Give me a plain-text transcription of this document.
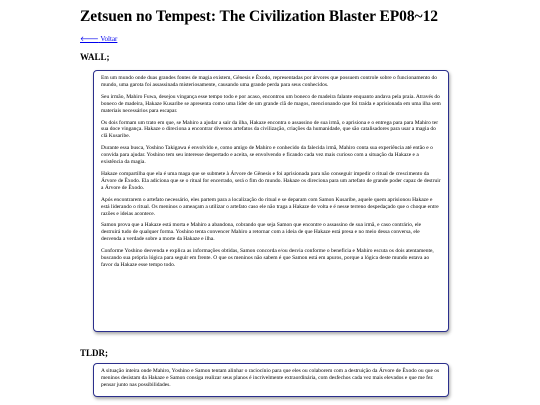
Zetsuen no Tempest: The Civilization Blaster EP08~12
🡐 Voltar
WALL;

Em um mundo onde duas grandes fontes de magia existem, Gênesis e Êxodo, representadas por árvores que possuem controle sobre o funcionamento do mundo, uma garota foi assassinada misteriosamente, causando uma grande perda para seus conhecidos.

Seu irmão, Mahiro Fuwa, desejou vingança esse tempo todo e por acaso, encontrou um boneco de madeira falante enquanto andava pela praia. Através do boneco de madeira, Hakaze Kusaribe se apresenta como uma líder de um grande clã de magos, mencionando que foi traída e aprisionada em uma ilha sem materiais necessários para escapar.

Os dois formam um trato em que, se Mahiro a ajudar a sair da ilha, Hakaze encontra o assassino de sua irmã, o aprisiona e o entrega para para Mahiro ter sua doce vingança. Hakaze o direciona a encontrar diversos artefatos da civilização, criações da humanidade, que são catalisadores para usar a magia do clã Kusaribe.

Durante essa busca, Yoshino Takigawa é envolvido e, como amigo de Mahiro e conhecido da falecida irmã, Mahiro conta sua experiência até então e o convida para ajudar. Yoshino tem seu interesse despertado e aceita, se envolvendo e ficando cada vez mais curioso com a situação da Hakaze e a existência da magia.

Hakaze compartilha que ela é uma maga que se submete à Árvore de Gênesis e foi aprisionada para não conseguir impedir o ritual de crescimento da Árvore de Êxodo. Ela adiciona que se o ritual for encerrado, será o fim do mundo. Hakaze os direciona para um artefato de grande poder capaz de destruir a Árvore de Êxodo.

Após encontrarem o artefato necessário, eles partem para a localização do ritual e se deparam com Samon Kusaribe, aquele quem aprisionou Hakaze e está liderando o ritual. Os meninos o ameaçam a utilizar o artefato caso ele não traga a Hakaze de volta e é nesse terreno despedaçado que o choque entre razões e ideias acontece.

Samon prova que a Hakaze está morta e Mahiro a abandona, cobrando que seja Samon que encontre o assassino de sua irmã, e caso contrário, ele destruirá tudo de qualquer forma. Yoshino tenta convencer Mahiro a retornar com a ideia de que Hakaze está presa e no meio dessa conversa, ele desvenda a verdade sobre a morte da Hakaze e ilha.

Conforme Yoshino desvenda e explica as informações obtidas, Samon concorda e/ou desvia conforme o beneficia e Mahiro escuta os dois atentamente, buscando sua própria lógica para seguir em frente. O que os meninos não sabem é que Samon está em apuros, porque a lógica deste mundo estava ao favor da Hakaze esse tempo todo.

TLDR;

A situação inteira onde Mahiro, Yoshino e Samon tentam alinhar o raciocínio para que eles ou colaborem com a destruição da Árvore de Êxodo ou que os meninos desistam da Hakaze e Samon consiga realizar seus planos é incrivelmente extraordinária, com desfechos cada vez mais elevados e que me fez pensar junto nas possibilidades.
